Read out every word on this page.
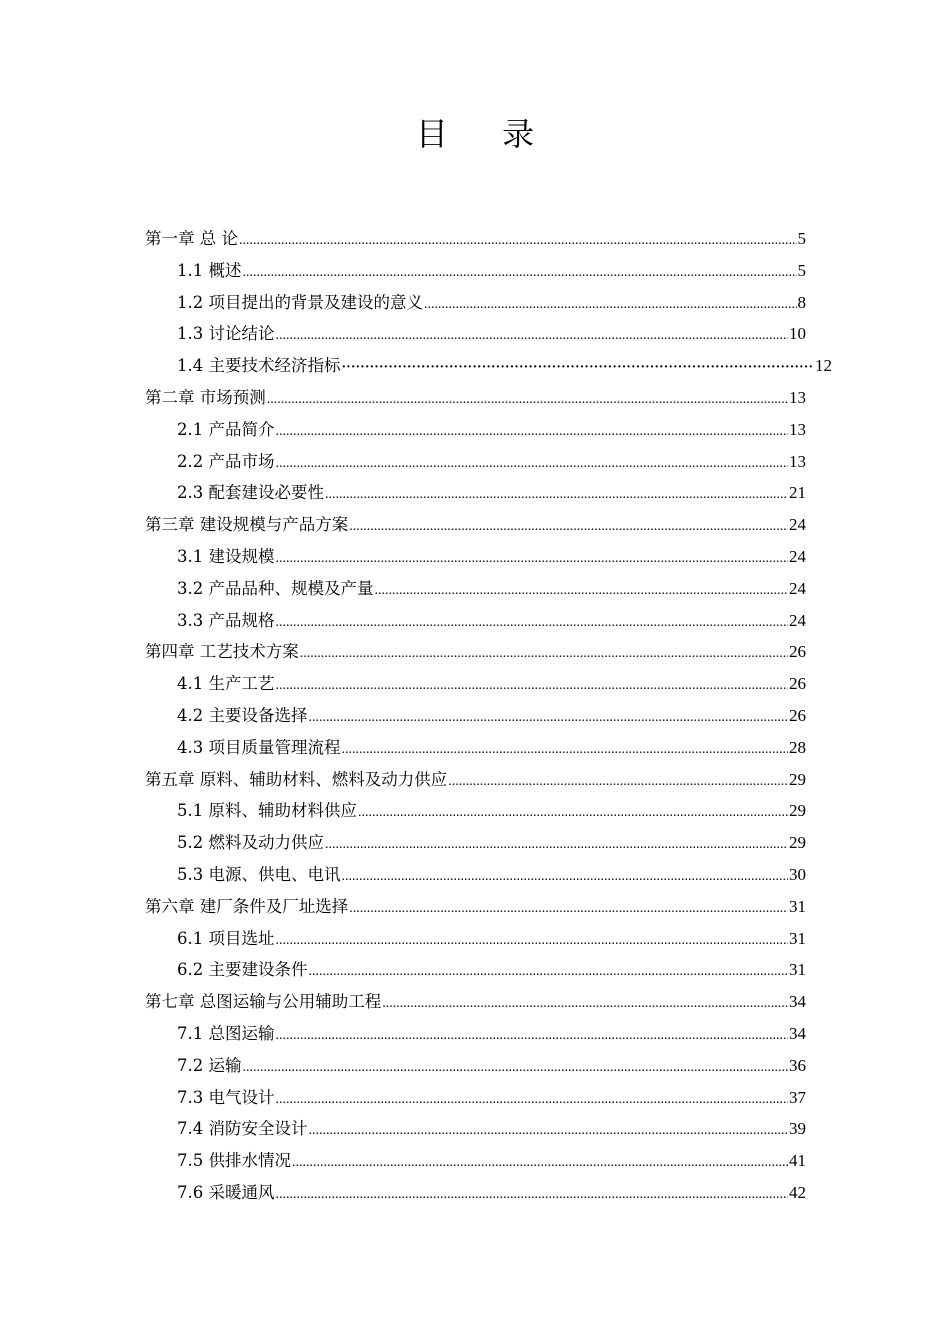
目 录
第一章 总 论 .....	5
1.1 概述 .....	5
1.2 项目提出的背景及建设的意义 .....	8
1.3 讨论结论 .....	10
1.4 主要技术经济指标 ·····	12
第二章 市场预测 .....	13
2.1 产品简介 .....	13
2.2 产品市场 .....	13
2.3 配套建设必要性 .....	21
第三章 建设规模与产品方案 .....	24
3.1 建设规模 .....	24
3.2 产品品种、规模及产量 .....	24
3.3 产品规格 .....	24
第四章 工艺技术方案 .....	26
4.1 生产工艺 .....	26
4.2 主要设备选择 .....	26
4.3 项目质量管理流程 .....	28
第五章 原料、辅助材料、燃料及动力供应 .....	29
5.1 原料、辅助材料供应 .....	29
5.2 燃料及动力供应 .....	29
5.3 电源、供电、电讯 .....	30
第六章 建厂条件及厂址选择 .....	31
6.1 项目选址 .....	31
6.2 主要建设条件 .....	31
第七章 总图运输与公用辅助工程 .....	34
7.1 总图运输 .....	34
7.2 运输 .....	36
7.3 电气设计 .....	37
7.4 消防安全设计 .....	39
7.5 供排水情况 .....	41
7.6 采暖通风 .....	42
